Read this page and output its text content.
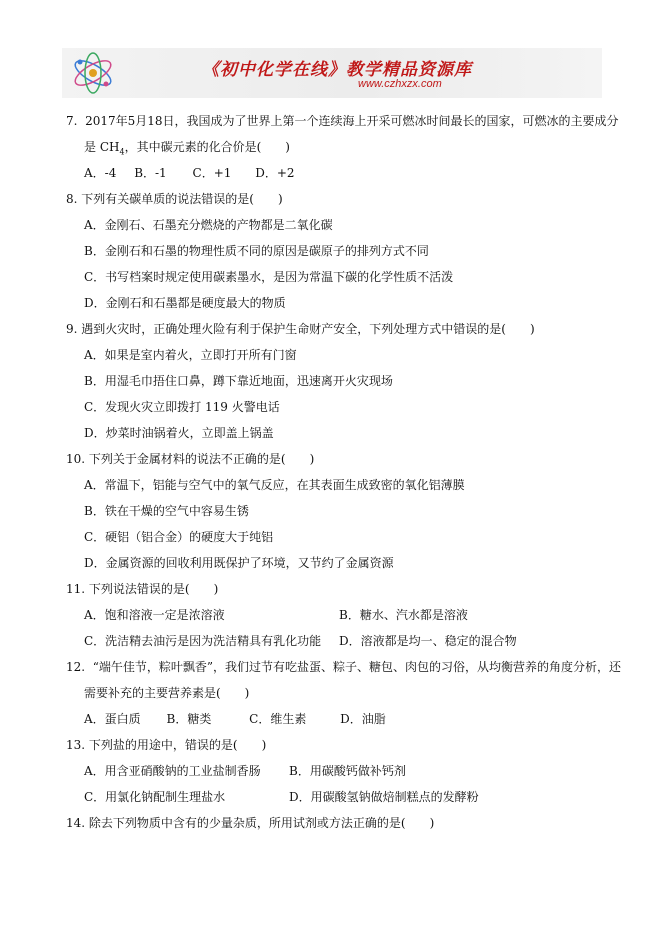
《初中化学在线》教学精品资源库
www.czhxzx.com
7. 2017年5月18日，我国成为了世界上第一个连续海上开采可燃冰时间最长的国家，可燃冰的主要成分
是 $CH_4$，其中碳元素的化合价是(　　)
A．-4 B．-1 C．+1 D．+2
8. 下列有关碳单质的说法错误的是(　　)
A．金刚石、石墨充分燃烧的产物都是二氧化碳
B．金刚石和石墨的物理性质不同的原因是碳原子的排列方式不同
C．书写档案时规定使用碳素墨水，是因为常温下碳的化学性质不活泼
D．金刚石和石墨都是硬度最大的物质
9. 遇到火灾时，正确处理火险有利于保护生命财产安全，下列处理方式中错误的是(　　)
A．如果是室内着火，立即打开所有门窗
B．用湿毛巾捂住口鼻，蹲下靠近地面，迅速离开火灾现场
C．发现火灾立即拨打 119 火警电话
D．炒菜时油锅着火，立即盖上锅盖
10. 下列关于金属材料的说法不正确的是(　　)
A．常温下，铝能与空气中的氧气反应，在其表面生成致密的氧化铝薄膜
B．铁在干燥的空气中容易生锈
C．硬铝（铝合金）的硬度大于纯铝
D．金属资源的回收利用既保护了环境，又节约了金属资源
11. 下列说法错误的是(　　)
A．饱和溶液一定是浓溶液	B．糖水、汽水都是溶液
C．洗洁精去油污是因为洗洁精具有乳化功能	D．溶液都是均一、稳定的混合物
12. “端午佳节，粽叶飘香”，我们过节有吃盐蛋、粽子、糖包、肉包的习俗，从均衡营养的角度分析，还
需要补充的主要营养素是(　　)
A．蛋白质 B．糖类	C．维生素	D．油脂
13. 下列盐的用途中，错误的是(　　)
A．用含亚硝酸钠的工业盐制香肠	B．用碳酸钙做补钙剂
C．用氯化钠配制生理盐水	D．用碳酸氢钠做焙制糕点的发酵粉
14. 除去下列物质中含有的少量杂质，所用试剂或方法正确的是(　　)
